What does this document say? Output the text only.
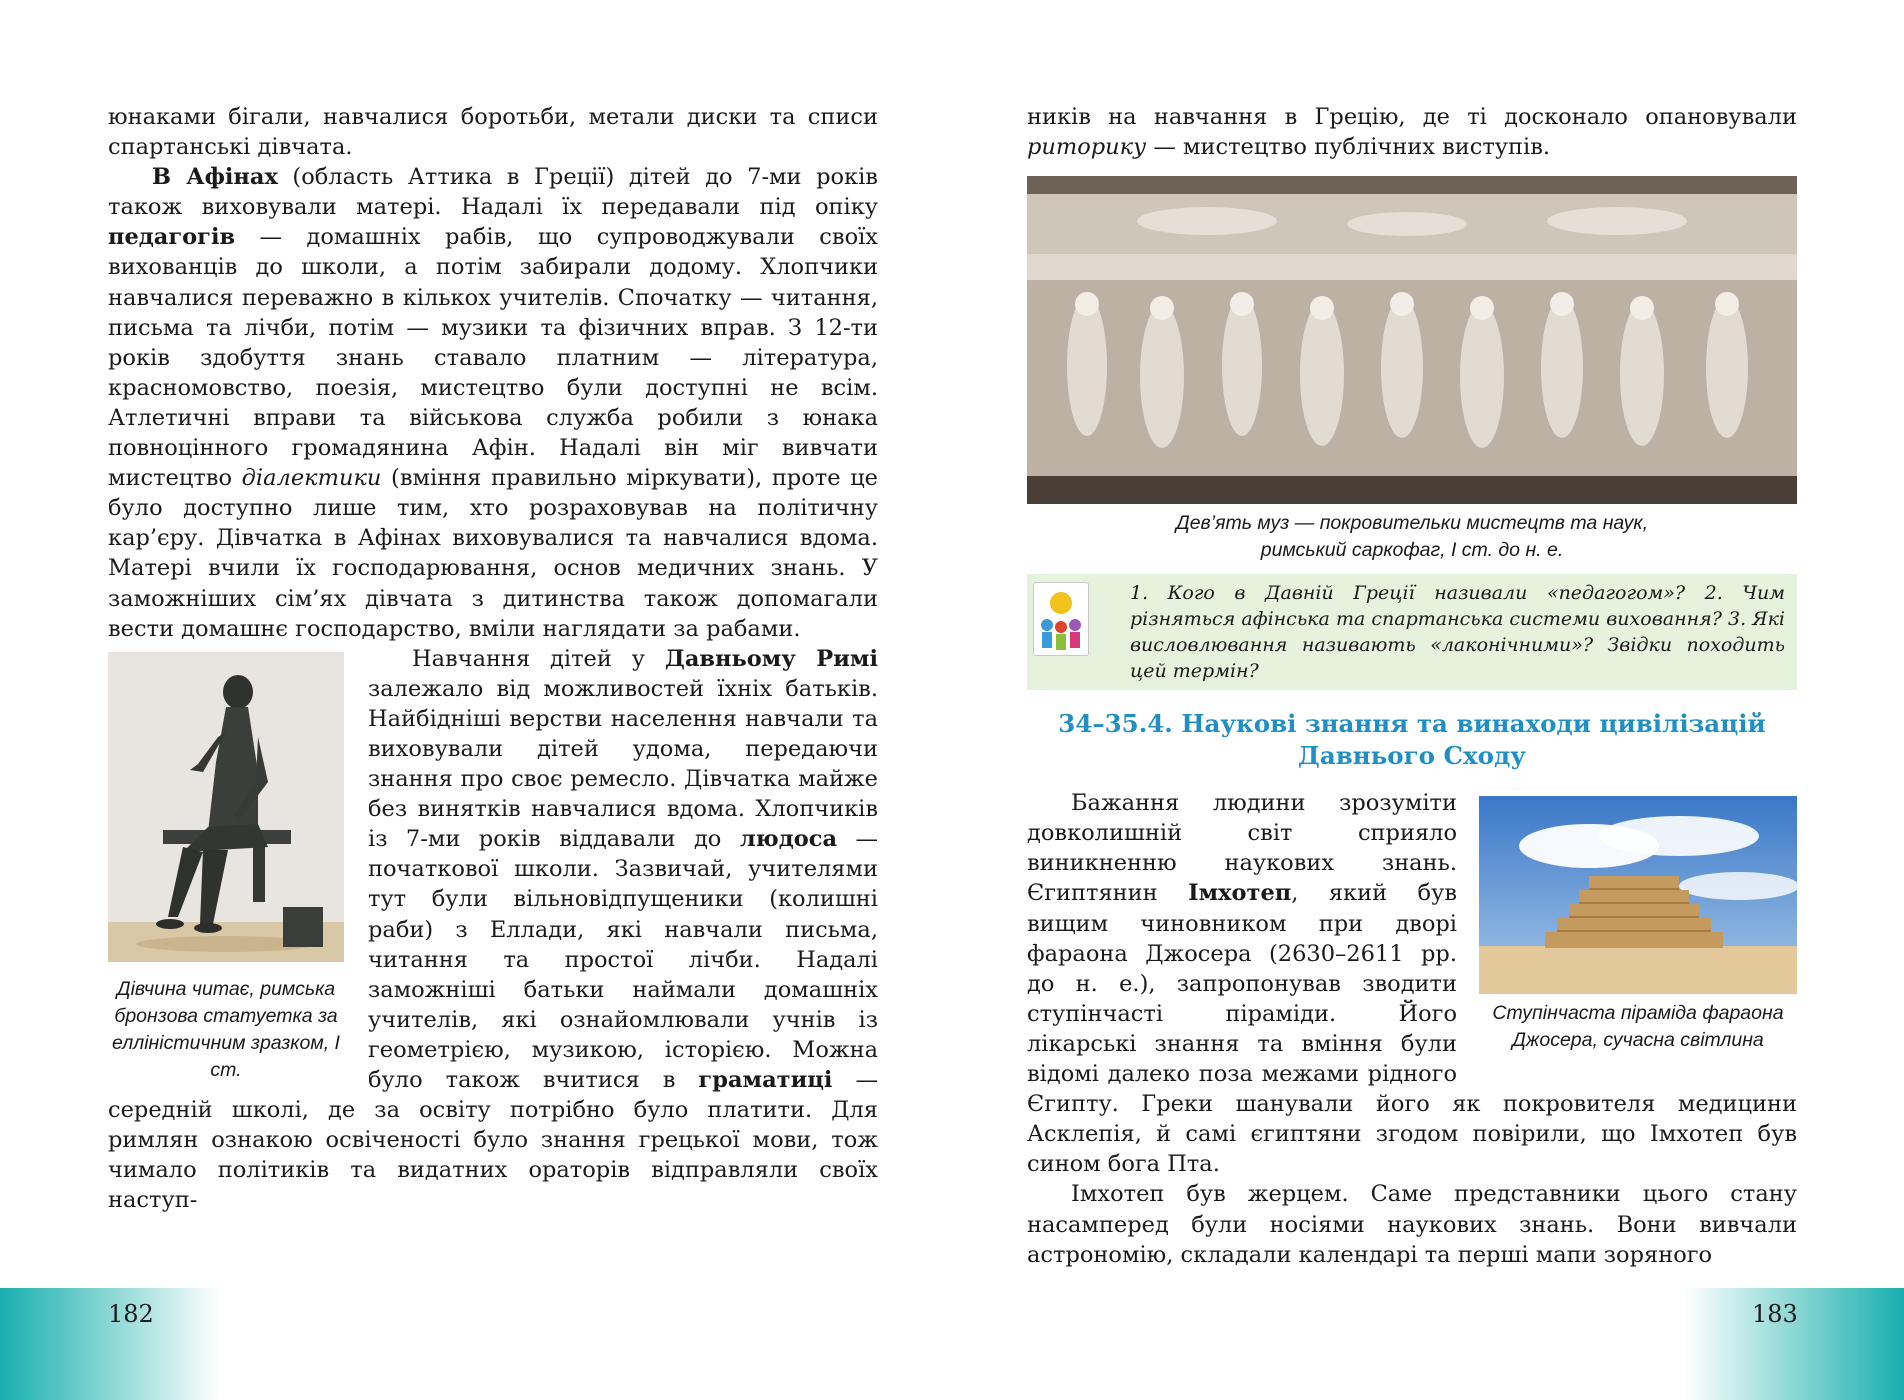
юнаками бігали, навчалися боротьби, метали диски та списи спартанські дівчата.

В Афінах (область Аттика в Греції) дітей до 7-ми років також виховували матері. Надалі їх передавали під опіку педагогів — домашніх рабів, що супроводжували своїх вихованців до школи, а потім забирали додому. Хлопчики навчалися переважно в кількох учителів. Спочатку — читання, письма та лічби, потім — музики та фізичних вправ. З 12-ти років здобуття знань ставало платним — література, красномовство, поезія, мистецтво були доступні не всім. Атлетичні вправи та військова служба робили з юнака повноцінного громадянина Афін. Надалі він міг вивчати мистецтво діалектики (вміння правильно міркувати), проте це було доступно лише тим, хто розраховував на політичну кар’єру. Дівчатка в Афінах виховувалися та навчалися вдома. Матері вчили їх господарювання, основ медичних знань. У заможніших сім’ях дівчата з дитинства також допомагали вести домашнє господарство, вміли наглядати за рабами.

Дівчина читає, римська бронзова статуетка за елліністичним зразком, I ст.

Навчання дітей у Давньому Римі залежало від можливостей їхніх батьків. Найбідніші верстви населення навчали та виховували дітей удома, передаючи знання про своє ремесло. Дівчатка майже без винятків навчалися вдома. Хлопчиків із 7-ми років віддавали до людоса — початкової школи. Зазвичай, учителями тут були вільновідпущеники (колишні раби) з Еллади, які навчали письма, читання та простої лічби. Надалі заможніші батьки наймали домашніх учителів, які ознайомлювали учнів із геометрією, музикою, історією. Можна було також вчитися в граматиці — середній школі, де за освіту потрібно було платити. Для римлян ознакою освіченості було знання грецької мови, тож чимало політиків та видатних ораторів відправляли своїх наступ-

ників на навчання в Грецію, де ті досконало опановували риторику — мистецтво публічних виступів.

Дев’ять муз — покровительки мистецтв та наук,
римський саркофаг, I ст. до н. е.

1. Кого в Давній Греції називали «педагогом»? 2. Чим різняться афінська та спартанська системи виховання? 3. Які висловлювання називають «лаконічними»? Звідки походить цей термін?

34–35.4. Наукові знання та винаходи цивілізацій
Давнього Сходу
Ступінчаста піраміда фараона Джосера, сучасна світлина

Бажання людини зрозуміти довколишній світ сприяло виникненню наукових знань. Єгиптянин Імхотеп, який був вищим чиновником при дворі фараона Джосера (2630–2611 рр. до н. е.), запропонував зводити ступінчасті піраміди. Його лікарські знання та вміння були відомі далеко поза межами рідного Єгипту. Греки шанували його як покровителя медицини Асклепія, й самі єгиптяни згодом повірили, що Імхотеп був сином бога Пта.

Імхотеп був жерцем. Саме представники цього стану насамперед були носіями наукових знань. Вони вивчали астрономію, складали календарі та перші мапи зоряного

182	183
